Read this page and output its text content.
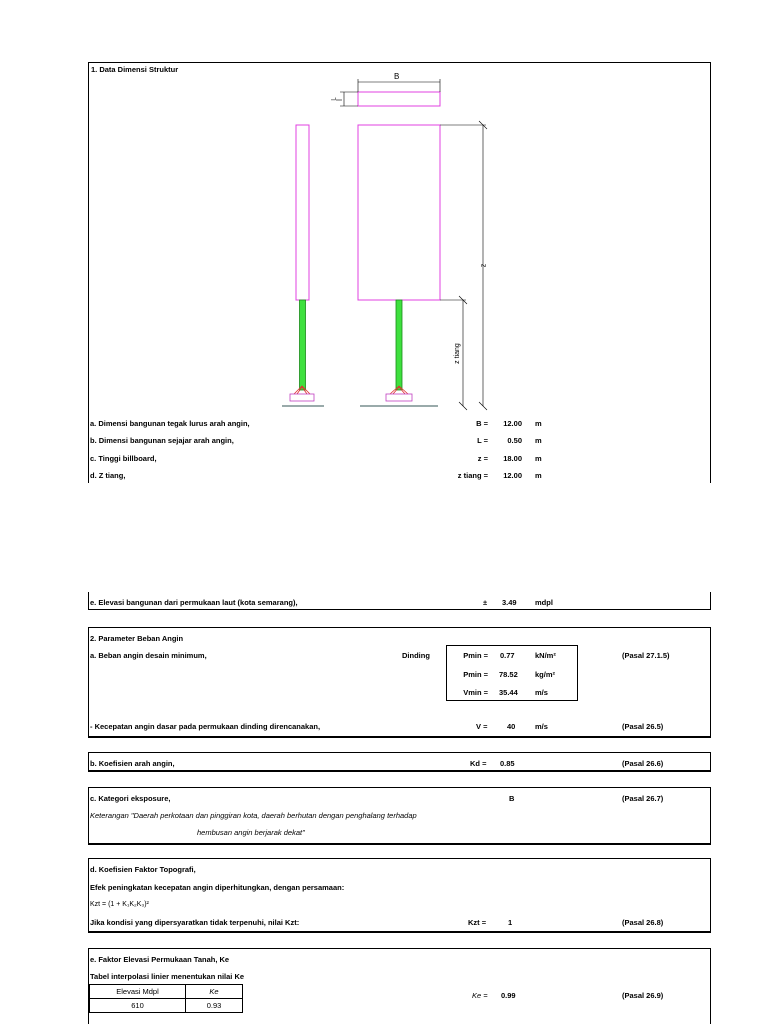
1. Data Dimensi Struktur
B
L
z
z tiang
a. Dimensi bangunan tegak lurus arah angin,	B =	12.00 m
b. Dimensi bangunan sejajar arah angin,	L =	0.50 m
c. Tinggi billboard,	z =	18.00 m
d. Z tiang,	z tiang =	12.00 m
e. Elevasi bangunan dari permukaan laut (kota semarang),	± 3.49 mdpl
2. Parameter Beban Angin
a. Beban angin desain minimum,	Dinding	Pmin = 0.77	kN/m²
Pmin = 78.52 kg/m²
Vmin = 35.44 m/s
(Pasal 27.1.5)
- Kecepatan angin dasar pada permukaan dinding direncanakan,	V =	40	m/s	(Pasal 26.5)
b. Koefisien arah angin,	Kd = 0.85	(Pasal 26.6)
c. Kategori eksposure,	B	(Pasal 26.7)
Keterangan "Daerah perkotaan dan pinggiran kota, daerah berhutan dengan penghalang terhadap
hembusan angin berjarak dekat"
d. Koefisien Faktor Topografi,
Efek peningkatan kecepatan angin diperhitungkan, dengan persamaan:
Kzt = (1 + K₁K₂K₃)²
Jika kondisi yang dipersyaratkan tidak terpenuhi, nilai Kzt:	Kzt =	1	(Pasal 26.8)
e. Faktor Elevasi Permukaan Tanah, Ke
Tabel interpolasi linier menentukan nilai Ke
Elevasi Mdpl	Ke
610	0.93
Ke = 0.99	(Pasal 26.9)
